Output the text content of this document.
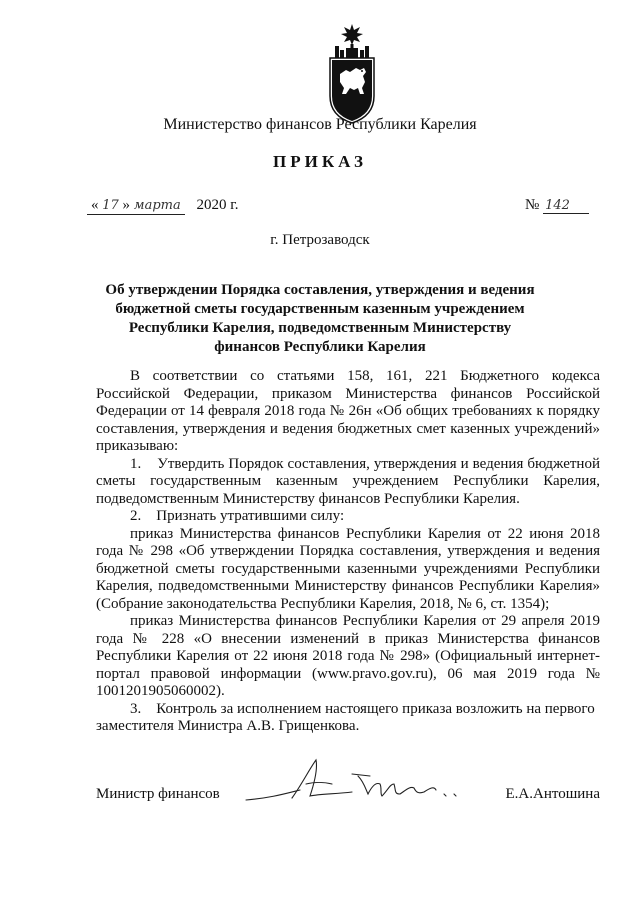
Министерство финансов Республики Карелия
ПРИКАЗ
« 17 » марта 2020 г.	№ 142
г. Петрозаводск
Об утверждении Порядка составления, утверждения и ведения бюджетной сметы государственным казенным учреждением Республики Карелия, подведомственным Министерству финансов Республики Карелия

В соответствии со статьями 158, 161, 221 Бюджетного кодекса Российской Федерации, приказом Министерства финансов Российской Федерации от 14 февраля 2018 года № 26н «Об общих требованиях к порядку составления, утверждения и ведения бюджетных смет казенных учреждений» приказываю:

1.    Утвердить Порядок составления, утверждения и ведения бюджетной сметы государственным казенным учреждением Республики Карелия, подведомственным Министерству финансов Республики Карелия.

2.    Признать утратившими силу:

приказ Министерства финансов Республики Карелия от 22 июня 2018 года № 298 «Об утверждении Порядка составления, утверждения и ведения бюджетной сметы государственными казенными учреждениями Республики Карелия, подведомственными Министерству финансов Республики Карелия» (Собрание законодательства Республики Карелия, 2018, № 6, ст. 1354);

приказ Министерства финансов Республики Карелия от 29 апреля 2019 года № 228 «О внесении изменений в приказ Министерства финансов Республики Карелия от 22 июня 2018 года № 298» (Официальный интернет-портал правовой информации (www.pravo.gov.ru), 06 мая 2019 года № 1001201905060002).

3.    Контроль за исполнением настоящего приказа возложить на первого заместителя Министра А.В. Грищенкова.

Министр финансов	Е.А.Антошина
